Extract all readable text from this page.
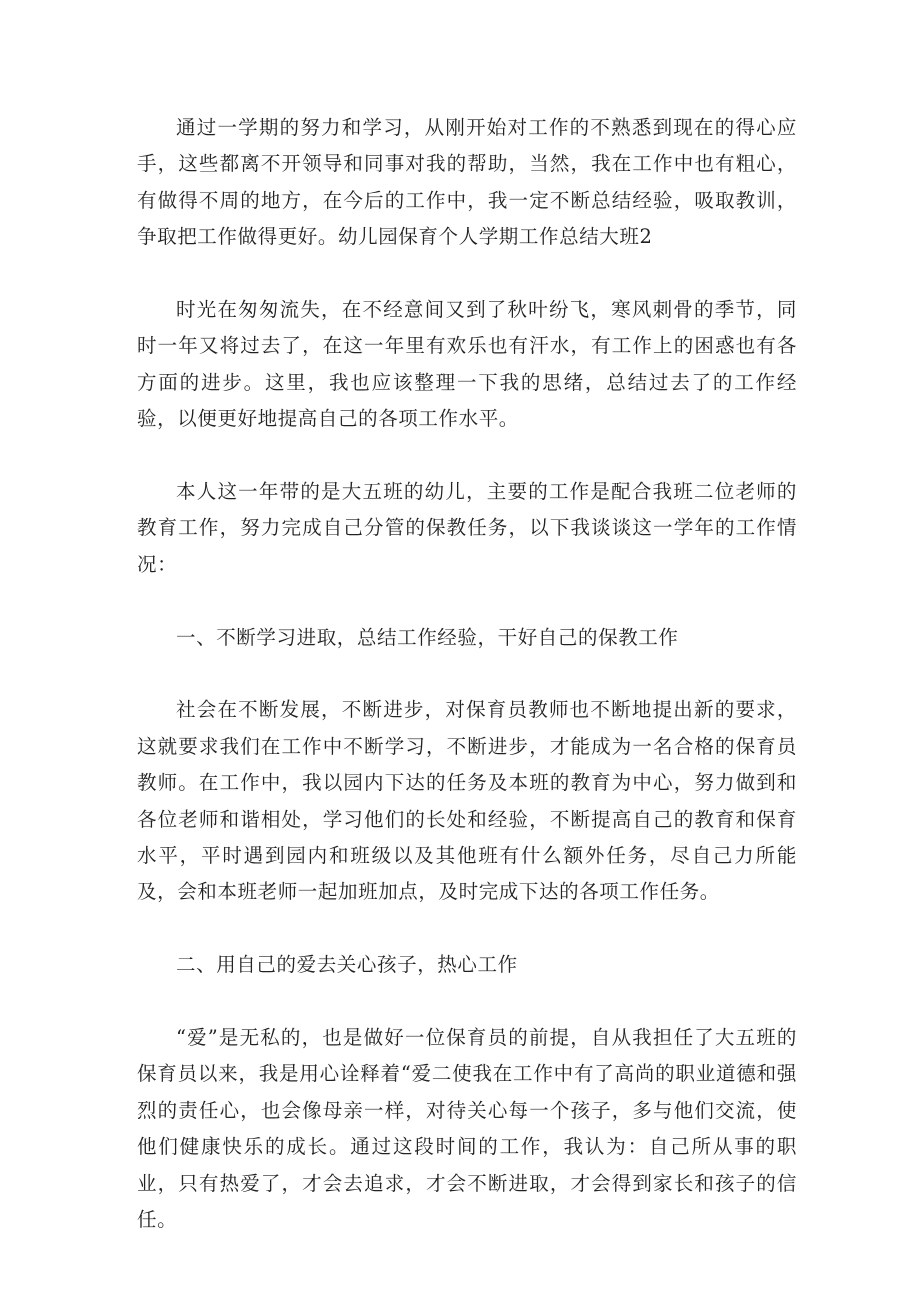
通过一学期的努力和学习，从刚开始对工作的不熟悉到现在的得心应手，这些都离不开领导和同事对我的帮助，当然，我在工作中也有粗心，有做得不周的地方，在今后的工作中，我一定不断总结经验，吸取教训，争取把工作做得更好。幼儿园保育个人学期工作总结大班2

时光在匆匆流失，在不经意间又到了秋叶纷飞，寒风刺骨的季节，同时一年又将过去了，在这一年里有欢乐也有汗水，有工作上的困惑也有各方面的进步。这里，我也应该整理一下我的思绪，总结过去了的工作经验，以便更好地提高自己的各项工作水平。

本人这一年带的是大五班的幼儿，主要的工作是配合我班二位老师的教育工作，努力完成自己分管的保教任务，以下我谈谈这一学年的工作情况：

一、不断学习进取，总结工作经验，干好自己的保教工作

社会在不断发展，不断进步，对保育员教师也不断地提出新的要求，这就要求我们在工作中不断学习，不断进步，才能成为一名合格的保育员教师。在工作中，我以园内下达的任务及本班的教育为中心，努力做到和各位老师和谐相处，学习他们的长处和经验，不断提高自己的教育和保育水平，平时遇到园内和班级以及其他班有什么额外任务，尽自己力所能及，会和本班老师一起加班加点，及时完成下达的各项工作任务。

二、用自己的爱去关心孩子，热心工作

“爱”是无私的，也是做好一位保育员的前提，自从我担任了大五班的保育员以来，我是用心诠释着“爱二使我在工作中有了高尚的职业道德和强烈的责任心，也会像母亲一样，对待关心每一个孩子，多与他们交流，使他们健康快乐的成长。通过这段时间的工作，我认为：自己所从事的职业，只有热爱了，才会去追求，才会不断进取，才会得到家长和孩子的信任。
